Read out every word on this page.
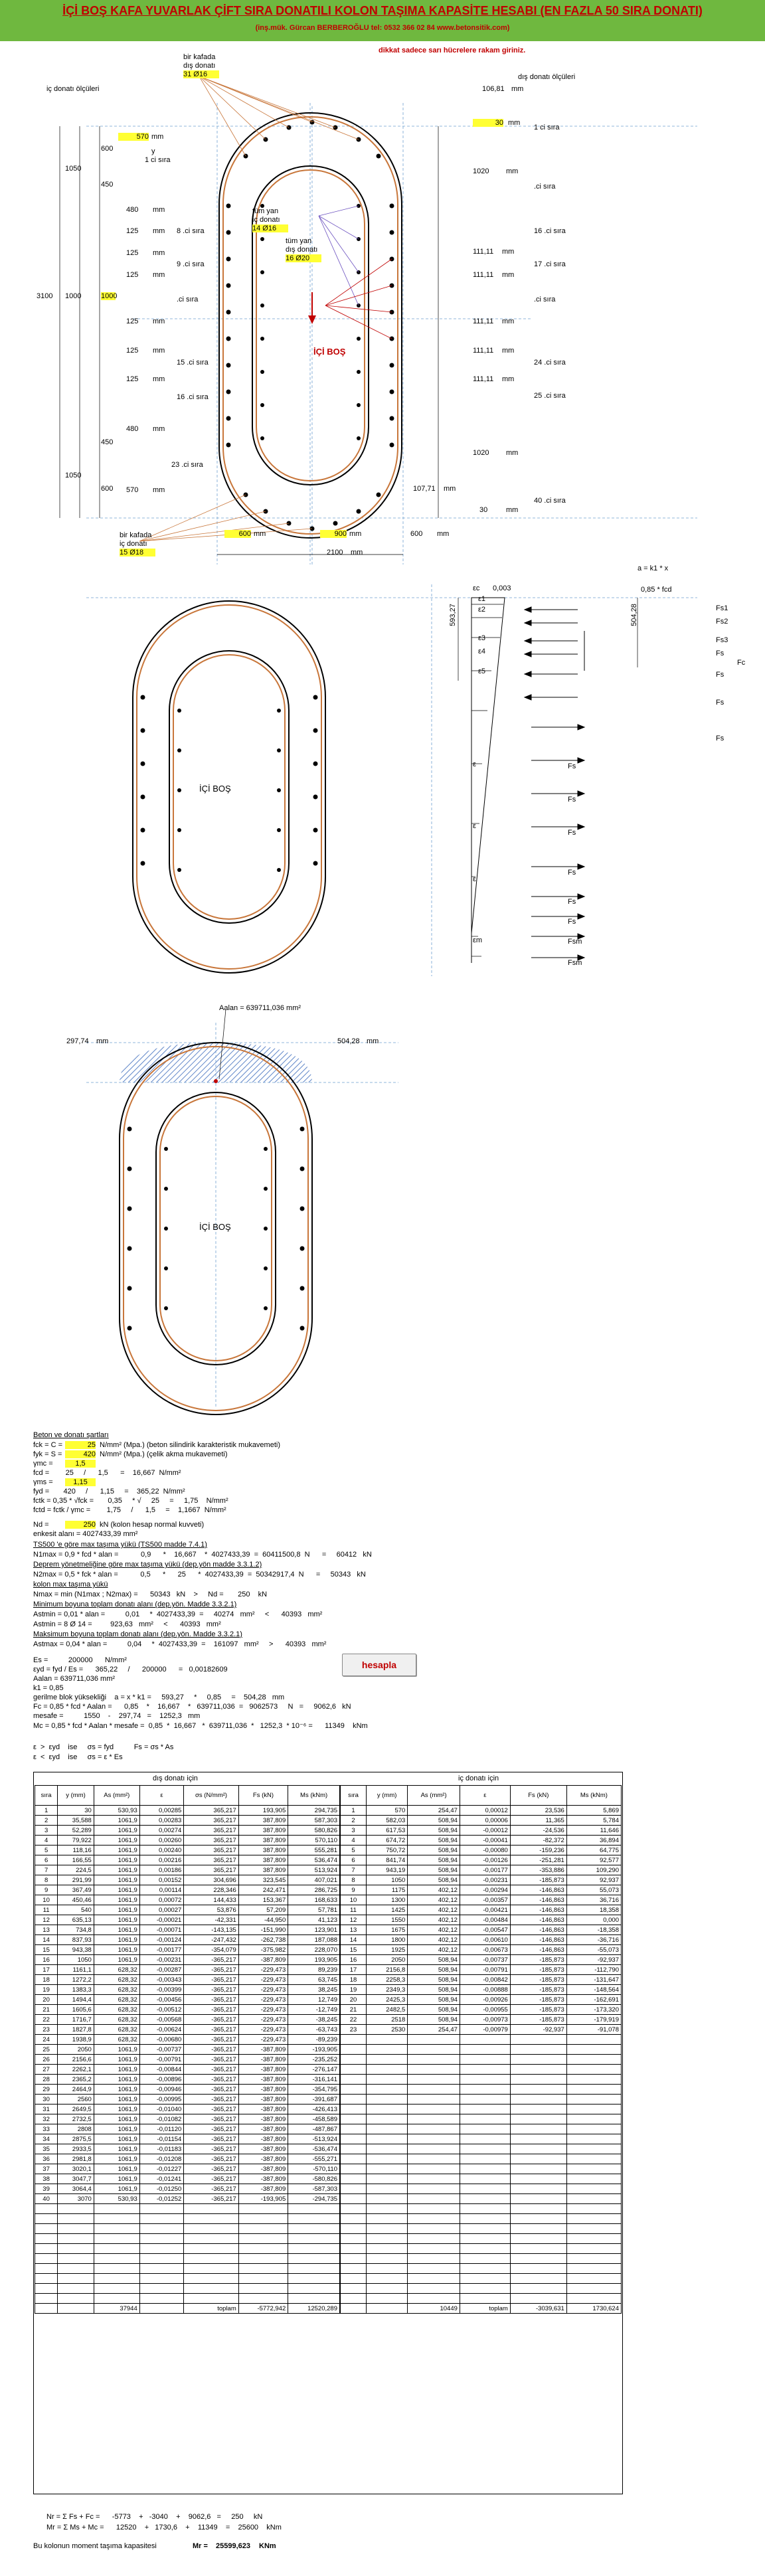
İÇİ BOŞ KAFA YUVARLAK ÇİFT SIRA DONATILI KOLON TAŞIMA KAPASİTE HESABI (EN FAZLA 50 SIRA DONATI)
(inş.mük. Gürcan BERBEROĞLU tel: 0532 366 02 84 www.betonsitik.com)
dikkat sadece sarı hücrelere rakam giriniz.
bir kafada
dış donatı
31 Ø16	dış donatı ölçüleri
iç donatı ölçüleri	106,81 mm
30 mm
1 ci sıra
570 mm
y
1 ci sıra
1020 mm
600
1050
450
480 mm
.ci sıra
tüm yan
iç donatı
14 Ø16
125 mm 8 .ci sıra	16 .ci sıra
111,11 mm
17 .ci sıra
125 mm
9 .ci sıra
tüm yan
dış donatı
16 Ø20
125 mm	111,11 mm
3100 1000	1000	.ci sıra	.ci sıra
111,11 mm
125 mm
İÇİ BOŞ	111,11 mm
24 .ci sıra
125 mm
15 .ci sıra
111,11 mm
25 .ci sıra
125 mm
16 .ci sıra
480 mm
450
1020 mm
23 .ci sıra
1050
600 570 mm	107,71 mm
40 .ci sıra
30	mm
bir kafada
iç donatı
15 Ø18
600 mm	900 mm	600 mm
2100 mm
a = k1 * x
0,85 * fcd
εc 0,003
ε1
ε2
ε3
ε4
ε5
593,27	504,28	Fs1
Fs2
Fs3
Fs
Fc
Fs
Fs
Fs
Fs
Fs
Fs
Fs
Fs
Fs
Fsm
Fsm
ε
ε
ε
εm
İÇİ BOŞ
Aalan = 639711,036 mm²
297,74 mm	504,28 mm
İÇİ BOŞ
Beton ve donatı şartları
fck = C =	25 N/mm² (Mpa.) (beton silindirik karakteristik mukavemeti)
fyk = S =	420 N/mm² (Mpa.) (çelik akma mukavemeti)
γmc =	1,5
fcd =        25     /      1,5      =    16,667  N/mm²
γms =	1,15
fyd =       420     /      1,15     =    365,22  N/mm²
fctk = 0,35 * √fck =       0,35     * √     25     =     1,75    N/mm²
fctd = fctk / γmc =        1,75     /      1,5     =    1,1667  N/mm²
Nd =	250 kN (kolon hesap normal kuvveti)
enkesit alanı = 4027433,39 mm²
TS500 'e göre max taşıma yükü (TS500 madde 7.4.1)
N1max = 0,9 * fcd * alan =           0,9      *    16,667    *  4027433,39  =  60411500,8  N      =     60412   kN
Deprem yönetmeliğine göre max taşıma yükü (dep.yön madde 3.3.1.2)
N2max = 0,5 * fck * alan =           0,5      *      25      *  4027433,39  =  50342917,4  N      =     50343   kN
kolon max taşıma yükü
Nmax = min (N1max ; N2max) =      50343   kN    >     Nd =       250    kN
Minimum boyuna toplam donatı alanı (dep.yön. Madde 3.3.2.1)
Astmin = 0,01 * alan =          0,01     *  4027433,39  =     40274   mm²     <      40393   mm²
Astmin = 8 Ø 14 =         923,63   mm²     <      40393   mm²
Maksimum boyuna toplam donatı alanı (dep.yön. Madde 3.3.2.1)
Astmax = 0,04 * alan =          0,04     *  4027433,39  =    161097   mm²     >      40393   mm²
Es =          200000      N/mm²
εyd = fyd / Es =      365,22     /      200000      =   0,00182609
Aalan = 639711,036 mm²
k1 = 0,85
gerilme blok yüksekliği    a = x * k1 =     593,27     *     0,85     =    504,28   mm
Fc = 0,85 * fcd * Aalan =      0,85    *    16,667    *   639711,036  =   9062573     N   =     9062,6   kN
mesafe =          1550    -    297,74   =    1252,3   mm
Mc = 0,85 * fcd * Aalan * mesafe =  0,85  *  16,667   *  639711,036  *   1252,3  * 10⁻⁶ =      11349    kNm
hesapla
ε  >  εyd    ise     σs = fyd          Fs = σs * As
ε  <  εyd    ise     σs = ε * Es
dış donatı için	iç donatı için
sıra	y (mm)	As (mm²)	ε	σs (N/mm²)	Fs (kN)	Ms (kNm)
1	30	530,93	0,00285	365,217	193,905	294,735
2	35,588	1061,9	0,00283	365,217	387,809	587,303
3	52,289	1061,9	0,00274	365,217	387,809	580,826
4	79,922	1061,9	0,00260	365,217	387,809	570,110
5	118,16	1061,9	0,00240	365,217	387,809	555,281
6	166,55	1061,9	0,00216	365,217	387,809	536,474
7	224,5	1061,9	0,00186	365,217	387,809	513,924
8	291,99	1061,9	0,00152	304,696	323,545	407,021
9	367,49	1061,9	0,00114	228,346	242,471	286,725
10	450,46	1061,9	0,00072	144,433	153,367	168,633
11	540	1061,9	0,00027	53,876	57,209	57,781
12	635,13	1061,9	-0,00021	-42,331	-44,950	41,123
13	734,8	1061,9	-0,00071	-143,135	-151,990	123,901
14	837,93	1061,9	-0,00124	-247,432	-262,738	187,088
15	943,38	1061,9	-0,00177	-354,079	-375,982	228,070
16	1050	1061,9	-0,00231	-365,217	-387,809	193,905
17	1161,1	628,32	-0,00287	-365,217	-229,473	89,239
18	1272,2	628,32	-0,00343	-365,217	-229,473	63,745
19	1383,3	628,32	-0,00399	-365,217	-229,473	38,245
20	1494,4	628,32	-0,00456	-365,217	-229,473	12,749
21	1605,6	628,32	-0,00512	-365,217	-229,473	-12,749
22	1716,7	628,32	-0,00568	-365,217	-229,473	-38,245
23	1827,8	628,32	-0,00624	-365,217	-229,473	-63,743
24	1938,9	628,32	-0,00680	-365,217	-229,473	-89,239
25	2050	1061,9	-0,00737	-365,217	-387,809	-193,905
26	2156,6	1061,9	-0,00791	-365,217	-387,809	-235,252
27	2262,1	1061,9	-0,00844	-365,217	-387,809	-276,147
28	2365,2	1061,9	-0,00896	-365,217	-387,809	-316,141
29	2464,9	1061,9	-0,00946	-365,217	-387,809	-354,795
30	2560	1061,9	-0,00995	-365,217	-387,809	-391,687
31	2649,5	1061,9	-0,01040	-365,217	-387,809	-426,413
32	2732,5	1061,9	-0,01082	-365,217	-387,809	-458,589
33	2808	1061,9	-0,01120	-365,217	-387,809	-487,867
34	2875,5	1061,9	-0,01154	-365,217	-387,809	-513,924
35	2933,5	1061,9	-0,01183	-365,217	-387,809	-536,474
36	2981,8	1061,9	-0,01208	-365,217	-387,809	-555,271
37	3020,1	1061,9	-0,01227	-365,217	-387,809	-570,110
38	3047,7	1061,9	-0,01241	-365,217	-387,809	-580,826
39	3064,4	1061,9	-0,01250	-365,217	-387,809	-587,303
40	3070	530,93	-0,01252	-365,217	-193,905	-294,735

		37944		toplam	-5772,942	12520,289
sıra	y (mm)	As (mm²)	ε	Fs (kN)	Ms (kNm)
1	570	254,47	0,00012	23,536	5,869
2	582,03	508,94	0,00006	11,365	5,784
3	617,53	508,94	-0,00012	-24,536	11,646
4	674,72	508,94	-0,00041	-82,372	36,894
5	750,72	508,94	-0,00080	-159,236	64,775
6	841,74	508,94	-0,00126	-251,281	92,577
7	943,19	508,94	-0,00177	-353,886	109,290
8	1050	508,94	-0,00231	-185,873	92,937
9	1175	402,12	-0,00294	-146,863	55,073
10	1300	402,12	-0,00357	-146,863	36,716
11	1425	402,12	-0,00421	-146,863	18,358
12	1550	402,12	-0,00484	-146,863	0,000
13	1675	402,12	-0,00547	-146,863	-18,358
14	1800	402,12	-0,00610	-146,863	-36,716
15	1925	402,12	-0,00673	-146,863	-55,073
16	2050	508,94	-0,00737	-185,873	-92,937
17	2156,8	508,94	-0,00791	-185,873	-112,790
18	2258,3	508,94	-0,00842	-185,873	-131,647
19	2349,3	508,94	-0,00888	-185,873	-148,564
20	2425,3	508,94	-0,00926	-185,873	-162,691
21	2482,5	508,94	-0,00955	-185,873	-173,320
22	2518	508,94	-0,00973	-185,873	-179,919
23	2530	254,47	-0,00979	-92,937	-91,078

		10449	toplam	-3039,631	1730,624
Nr = Σ Fs + Fc =      -5773    +   -3040    +    9062,6   =     250     kN
Mr = Σ Ms + Mc =      12520    +   1730,6    +    11349    =    25600    kNm
Bu kolonun moment taşıma kapasitesi	Mr = 25599,623 KNm
